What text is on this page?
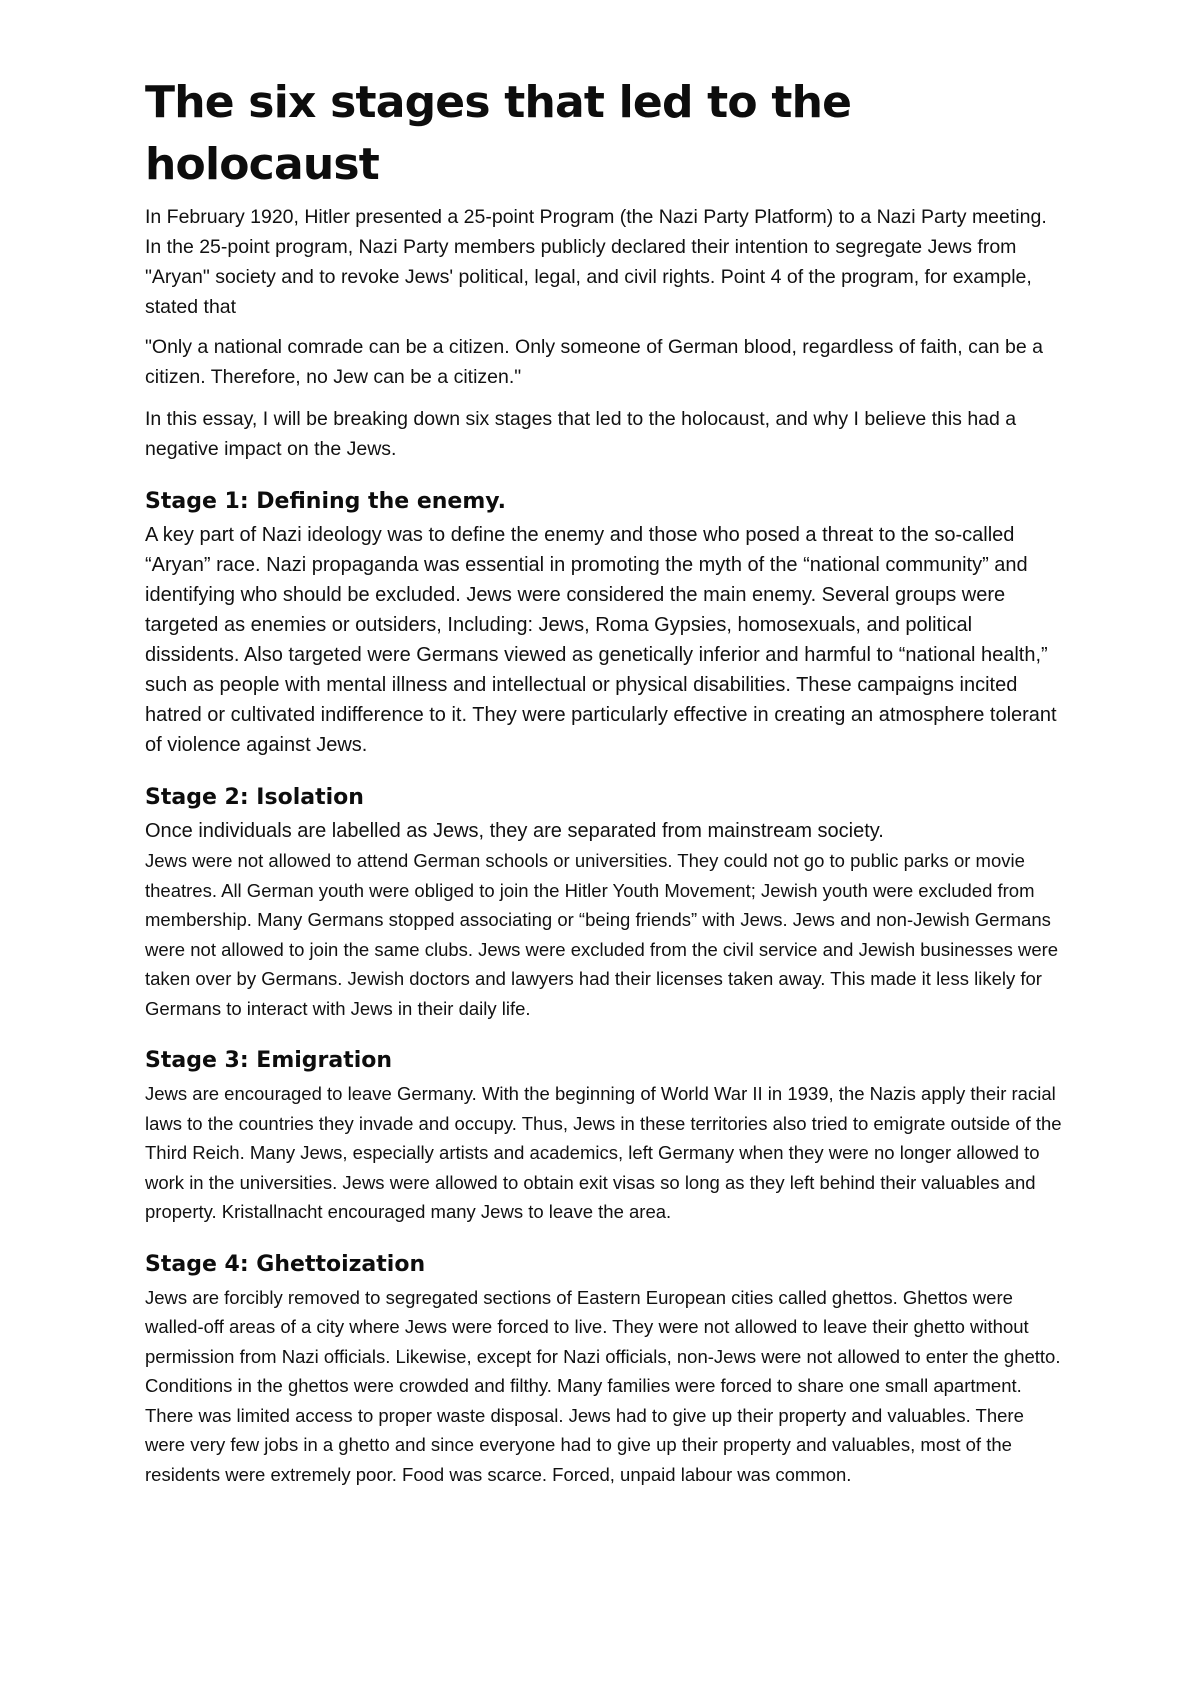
The six stages that led to the holocaust

In February 1920, Hitler presented a 25-point Program (the Nazi Party Platform) to a Nazi Party meeting. In the 25-point program, Nazi Party members publicly declared their intention to segregate Jews from "Aryan" society and to revoke Jews' political, legal, and civil rights. Point 4 of the program, for example, stated that

"Only a national comrade can be a citizen. Only someone of German blood, regardless of faith, can be a citizen. Therefore, no Jew can be a citizen."

In this essay, I will be breaking down six stages that led to the holocaust, and why I believe this had a negative impact on the Jews.

Stage 1: Defining the enemy.

A key part of Nazi ideology was to define the enemy and those who posed a threat to the so-called “Aryan” race. Nazi propaganda was essential in promoting the myth of the “national community” and identifying who should be excluded. Jews were considered the main enemy. Several groups were targeted as enemies or outsiders, Including: Jews, Roma Gypsies, homosexuals, and political dissidents. Also targeted were Germans viewed as genetically inferior and harmful to “national health,” such as people with mental illness and intellectual or physical disabilities. These campaigns incited hatred or cultivated indifference to it. They were particularly effective in creating an atmosphere tolerant of violence against Jews.

Stage 2: Isolation

Once individuals are labelled as Jews, they are separated from mainstream society.

Jews were not allowed to attend German schools or universities. They could not go to public parks or movie theatres. All German youth were obliged to join the Hitler Youth Movement; Jewish youth were excluded from membership. Many Germans stopped associating or “being friends” with Jews. Jews and non-Jewish Germans were not allowed to join the same clubs. Jews were excluded from the civil service and Jewish businesses were taken over by Germans. Jewish doctors and lawyers had their licenses taken away. This made it less likely for Germans to interact with Jews in their daily life.

Stage 3: Emigration

Jews are encouraged to leave Germany. With the beginning of World War II in 1939, the Nazis apply their racial laws to the countries they invade and occupy. Thus, Jews in these territories also tried to emigrate outside of the Third Reich. Many Jews, especially artists and academics, left Germany when they were no longer allowed to work in the universities. Jews were allowed to obtain exit visas so long as they left behind their valuables and property. Kristallnacht encouraged many Jews to leave the area.

Stage 4: Ghettoization

Jews are forcibly removed to segregated sections of Eastern European cities called ghettos. Ghettos were walled-off areas of a city where Jews were forced to live. They were not allowed to leave their ghetto without permission from Nazi officials. Likewise, except for Nazi officials, non-Jews were not allowed to enter the ghetto. Conditions in the ghettos were crowded and filthy. Many families were forced to share one small apartment. There was limited access to proper waste disposal. Jews had to give up their property and valuables. There were very few jobs in a ghetto and since everyone had to give up their property and valuables, most of the residents were extremely poor. Food was scarce. Forced, unpaid labour was common.
